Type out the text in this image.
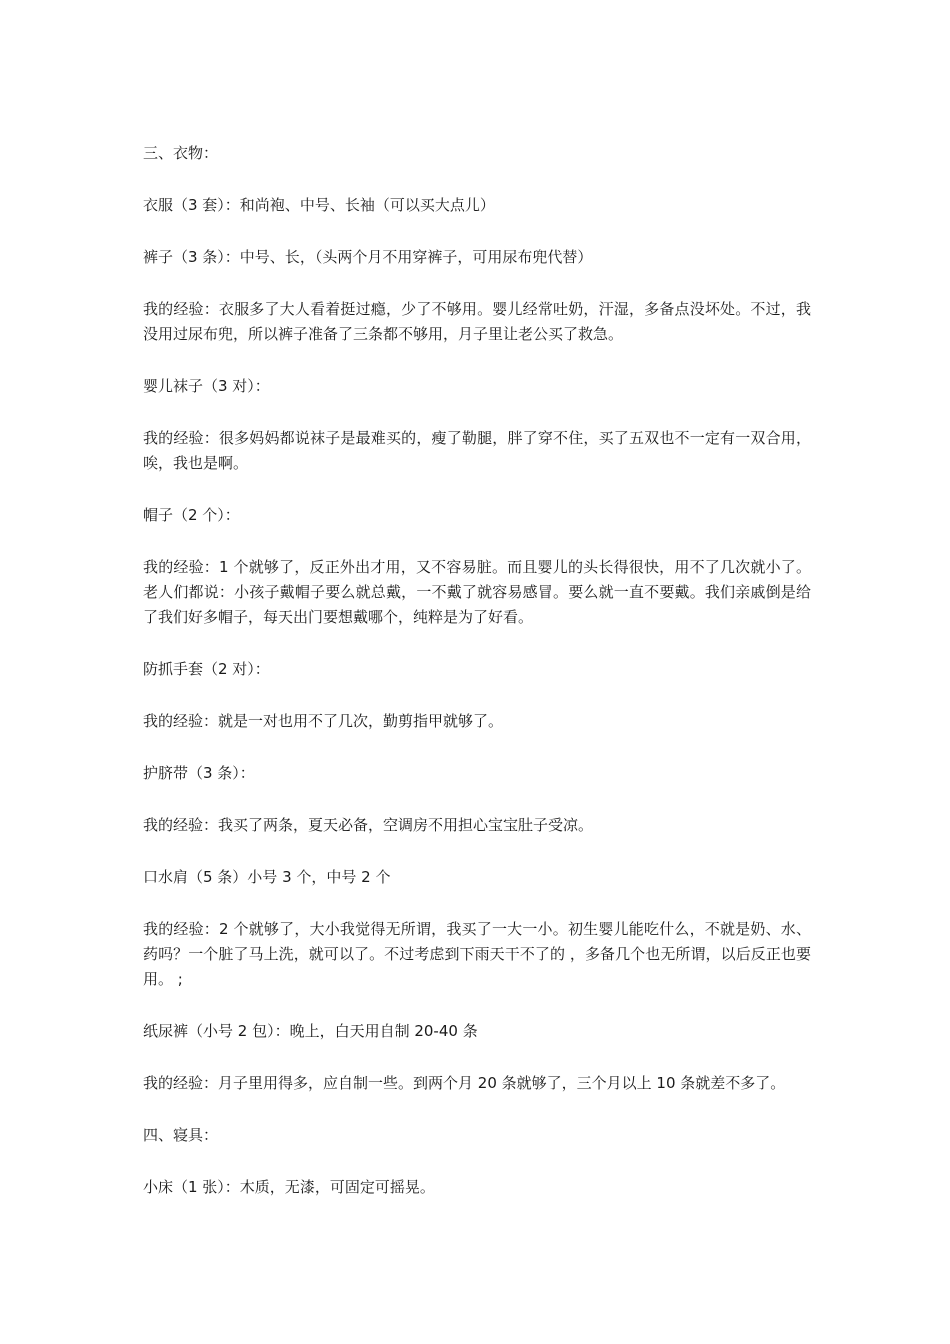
三、衣物：

衣服（3 套）：和尚袍、中号、长袖（可以买大点儿）

裤子（3 条）：中号、长，（头两个月不用穿裤子，可用尿布兜代替）

我的经验：衣服多了大人看着挺过瘾，少了不够用。婴儿经常吐奶，汗湿，多备点没坏处。不过，我没用过尿布兜，所以裤子准备了三条都不够用，月子里让老公买了救急。

婴儿袜子（3 对）：

我的经验：很多妈妈都说袜子是最难买的，瘦了勒腿，胖了穿不住，买了五双也不一定有一双合用，唉，我也是啊。

帽子（2 个）：

我的经验：1 个就够了，反正外出才用，又不容易脏。而且婴儿的头长得很快，用不了几次就小了。老人们都说：小孩子戴帽子要么就总戴，一不戴了就容易感冒。要么就一直不要戴。我们亲戚倒是给了我们好多帽子，每天出门要想戴哪个，纯粹是为了好看。

防抓手套（2 对）：

我的经验：就是一对也用不了几次，勤剪指甲就够了。

护脐带（3 条）：

我的经验：我买了两条，夏天必备，空调房不用担心宝宝肚子受凉。

口水肩（5 条）小号 3 个，中号 2 个

我的经验：2 个就够了，大小我觉得无所谓，我买了一大一小。初生婴儿能吃什么，不就是奶、水、药吗？一个脏了马上洗，就可以了。不过考虑到下雨天干不了的 ，多备几个也无所谓，以后反正也要用。 ;

纸尿裤（小号 2 包）：晚上，白天用自制 20-40 条

我的经验：月子里用得多，应自制一些。到两个月 20 条就够了，三个月以上 10 条就差不多了。

四、寝具：

小床（1 张）：木质，无漆，可固定可摇晃。
